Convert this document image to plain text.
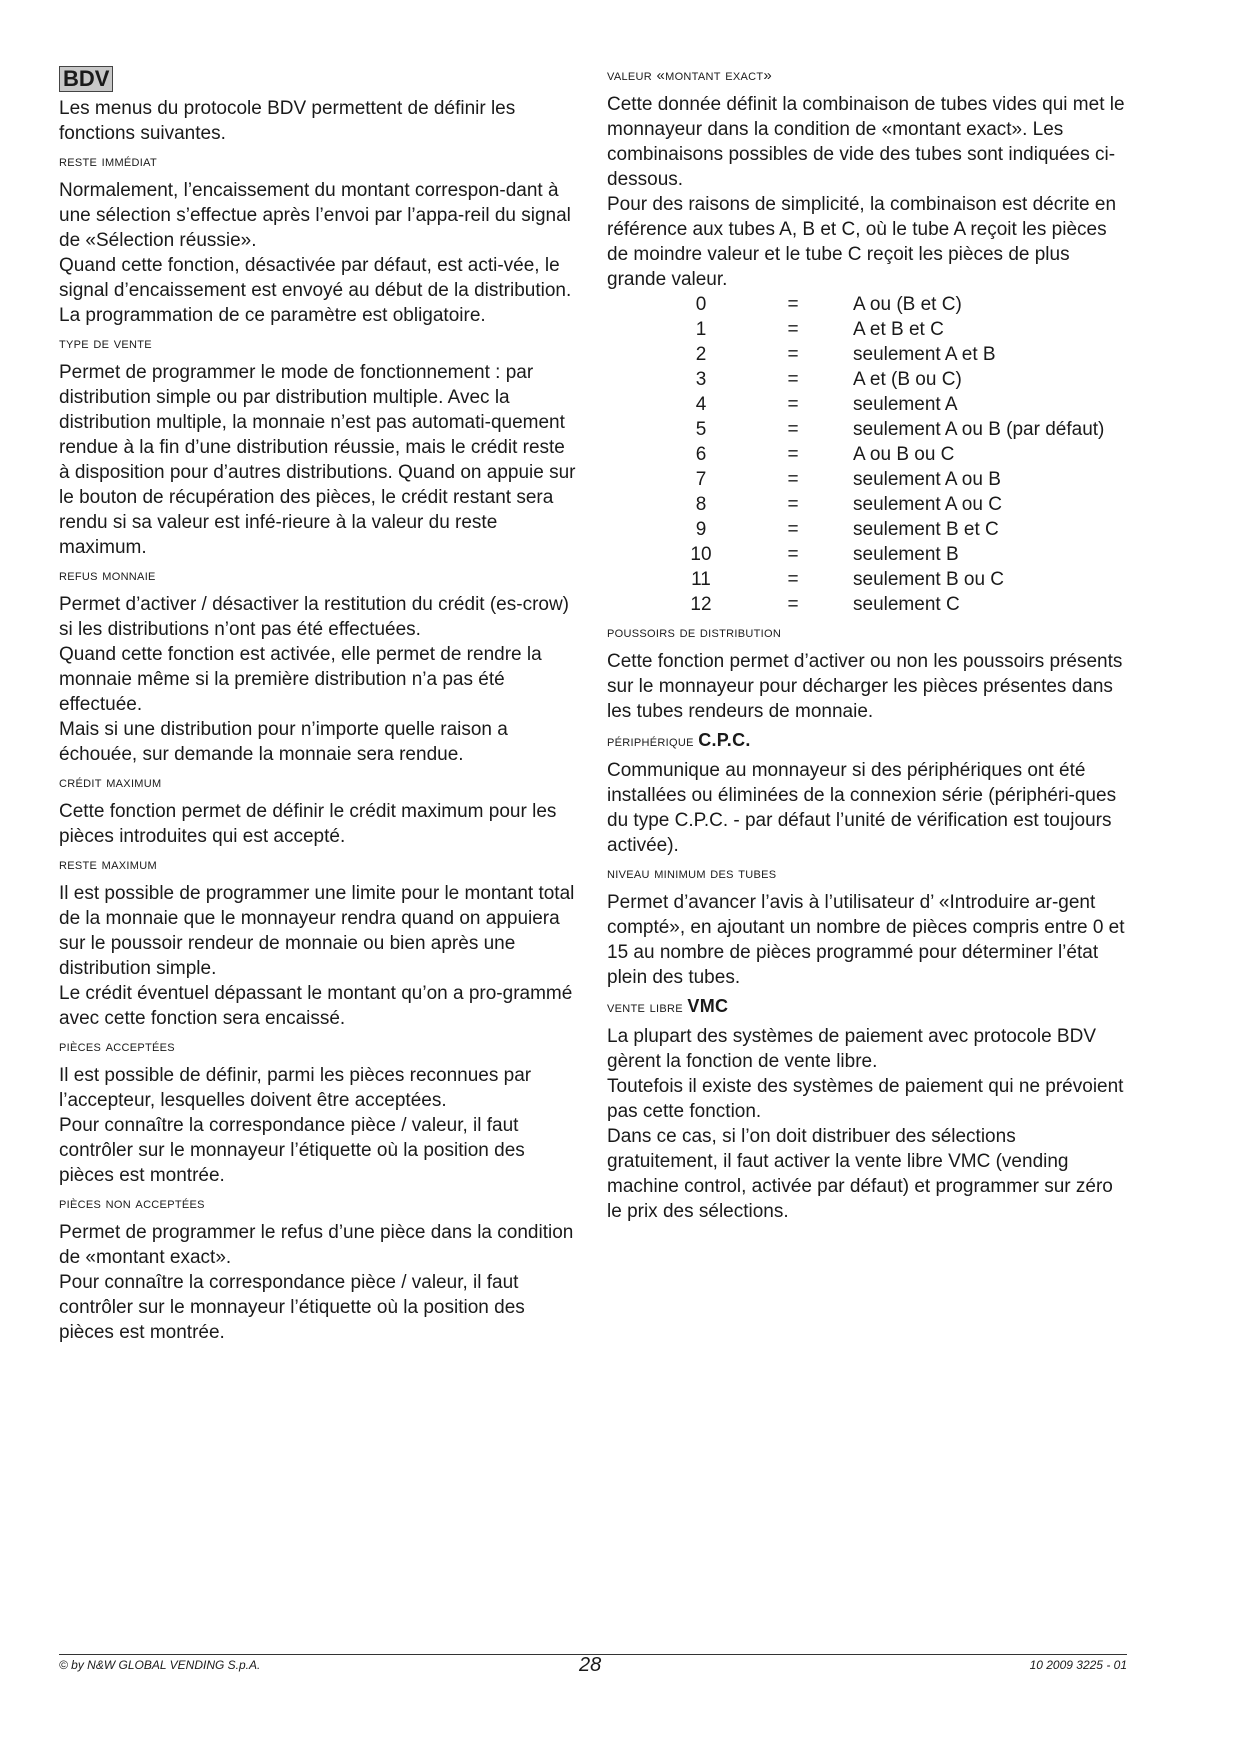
BDV

Les menus du protocole BDV permettent de définir les fonctions suivantes.

reste immédiat

Normalement, l’encaissement du montant correspon-dant à une sélection s’effectue après l’envoi par l’appa-reil du signal de «Sélection réussie».

Quand cette fonction, désactivée par défaut, est acti-vée, le signal d’encaissement est envoyé au début de la distribution. La programmation de ce paramètre est obligatoire.

type de vente

Permet de programmer le mode de fonctionnement : par distribution simple ou par distribution multiple. Avec la distribution multiple, la monnaie n’est pas automati-quement rendue à la fin d’une distribution réussie, mais le crédit reste à disposition pour d’autres distributions. Quand on appuie sur le bouton de récupération des pièces, le crédit restant sera rendu si sa valeur est infé-rieure à la valeur du reste maximum.

refus monnaie

Permet d’activer / désactiver la restitution du crédit (es-crow) si les distributions n’ont pas été effectuées.

Quand cette fonction est activée, elle permet de rendre la monnaie même si la première distribution n’a pas été effectuée.

Mais si une distribution pour n’importe quelle raison a échouée, sur demande la monnaie sera rendue.

crédit maximum

Cette fonction permet de définir le crédit maximum pour les pièces introduites qui est accepté.

reste maximum

Il est possible de programmer une limite pour le montant total de la monnaie que le monnayeur rendra quand on appuiera sur le poussoir rendeur de monnaie ou bien après une distribution simple.

Le crédit éventuel dépassant le montant qu’on a pro-grammé avec cette fonction sera encaissé.

pièces acceptées

Il est possible de définir, parmi les pièces reconnues par l’accepteur, lesquelles doivent être acceptées.

Pour connaître la correspondance pièce / valeur, il faut contrôler sur le monnayeur l’étiquette où la position des pièces est montrée.

pièces non acceptées

Permet de programmer le refus d’une pièce dans la condition de «montant exact».

Pour connaître la correspondance pièce / valeur, il faut contrôler sur le monnayeur l’étiquette où la position des pièces est montrée.

valeur «montant exact»

Cette donnée définit la combinaison de tubes vides qui met le monnayeur dans la condition de «montant exact». Les combinaisons possibles de vide des tubes sont indiquées ci-dessous.

Pour des raisons de simplicité, la combinaison est décrite en référence aux tubes A, B et C, où le tube A reçoit les pièces de moindre valeur et le tube C reçoit les pièces de plus grande valeur.

0	=	A ou (B et C)
1	=	A et B et C
2	=	seulement A et B
3	=	A et (B ou C)
4	=	seulement A
5	=	seulement A ou B (par défaut)
6	=	A ou B ou C
7	=	seulement A ou B
8	=	seulement A ou C
9	=	seulement B et C
10	=	seulement B
11	=	seulement B ou C
12	=	seulement C
poussoirs de distribution

Cette fonction permet d’activer ou non les poussoirs présents sur le monnayeur pour décharger les pièces présentes dans les tubes rendeurs de monnaie.

périphérique C.P.C.

Communique au monnayeur si des périphériques ont été installées ou éliminées de la connexion série (périphéri-ques du type C.P.C. - par défaut l’unité de vérification est toujours activée).

niveau minimum des tubes

Permet d’avancer l’avis à l’utilisateur d’ «Introduire ar-gent compté», en ajoutant un nombre de pièces compris entre 0 et 15 au nombre de pièces programmé pour déterminer l’état plein des tubes.

vente libre VMC

La plupart des systèmes de paiement avec protocole BDV gèrent la fonction de vente libre.

Toutefois il existe des systèmes de paiement qui ne prévoient pas cette fonction.

Dans ce cas, si l’on doit distribuer des sélections gratuitement, il faut activer la vente libre VMC (vending machine control, activée par défaut) et programmer sur zéro le prix des sélections.

© by N&W GLOBAL VENDING S.p.A.	28	10 2009 3225 - 01
